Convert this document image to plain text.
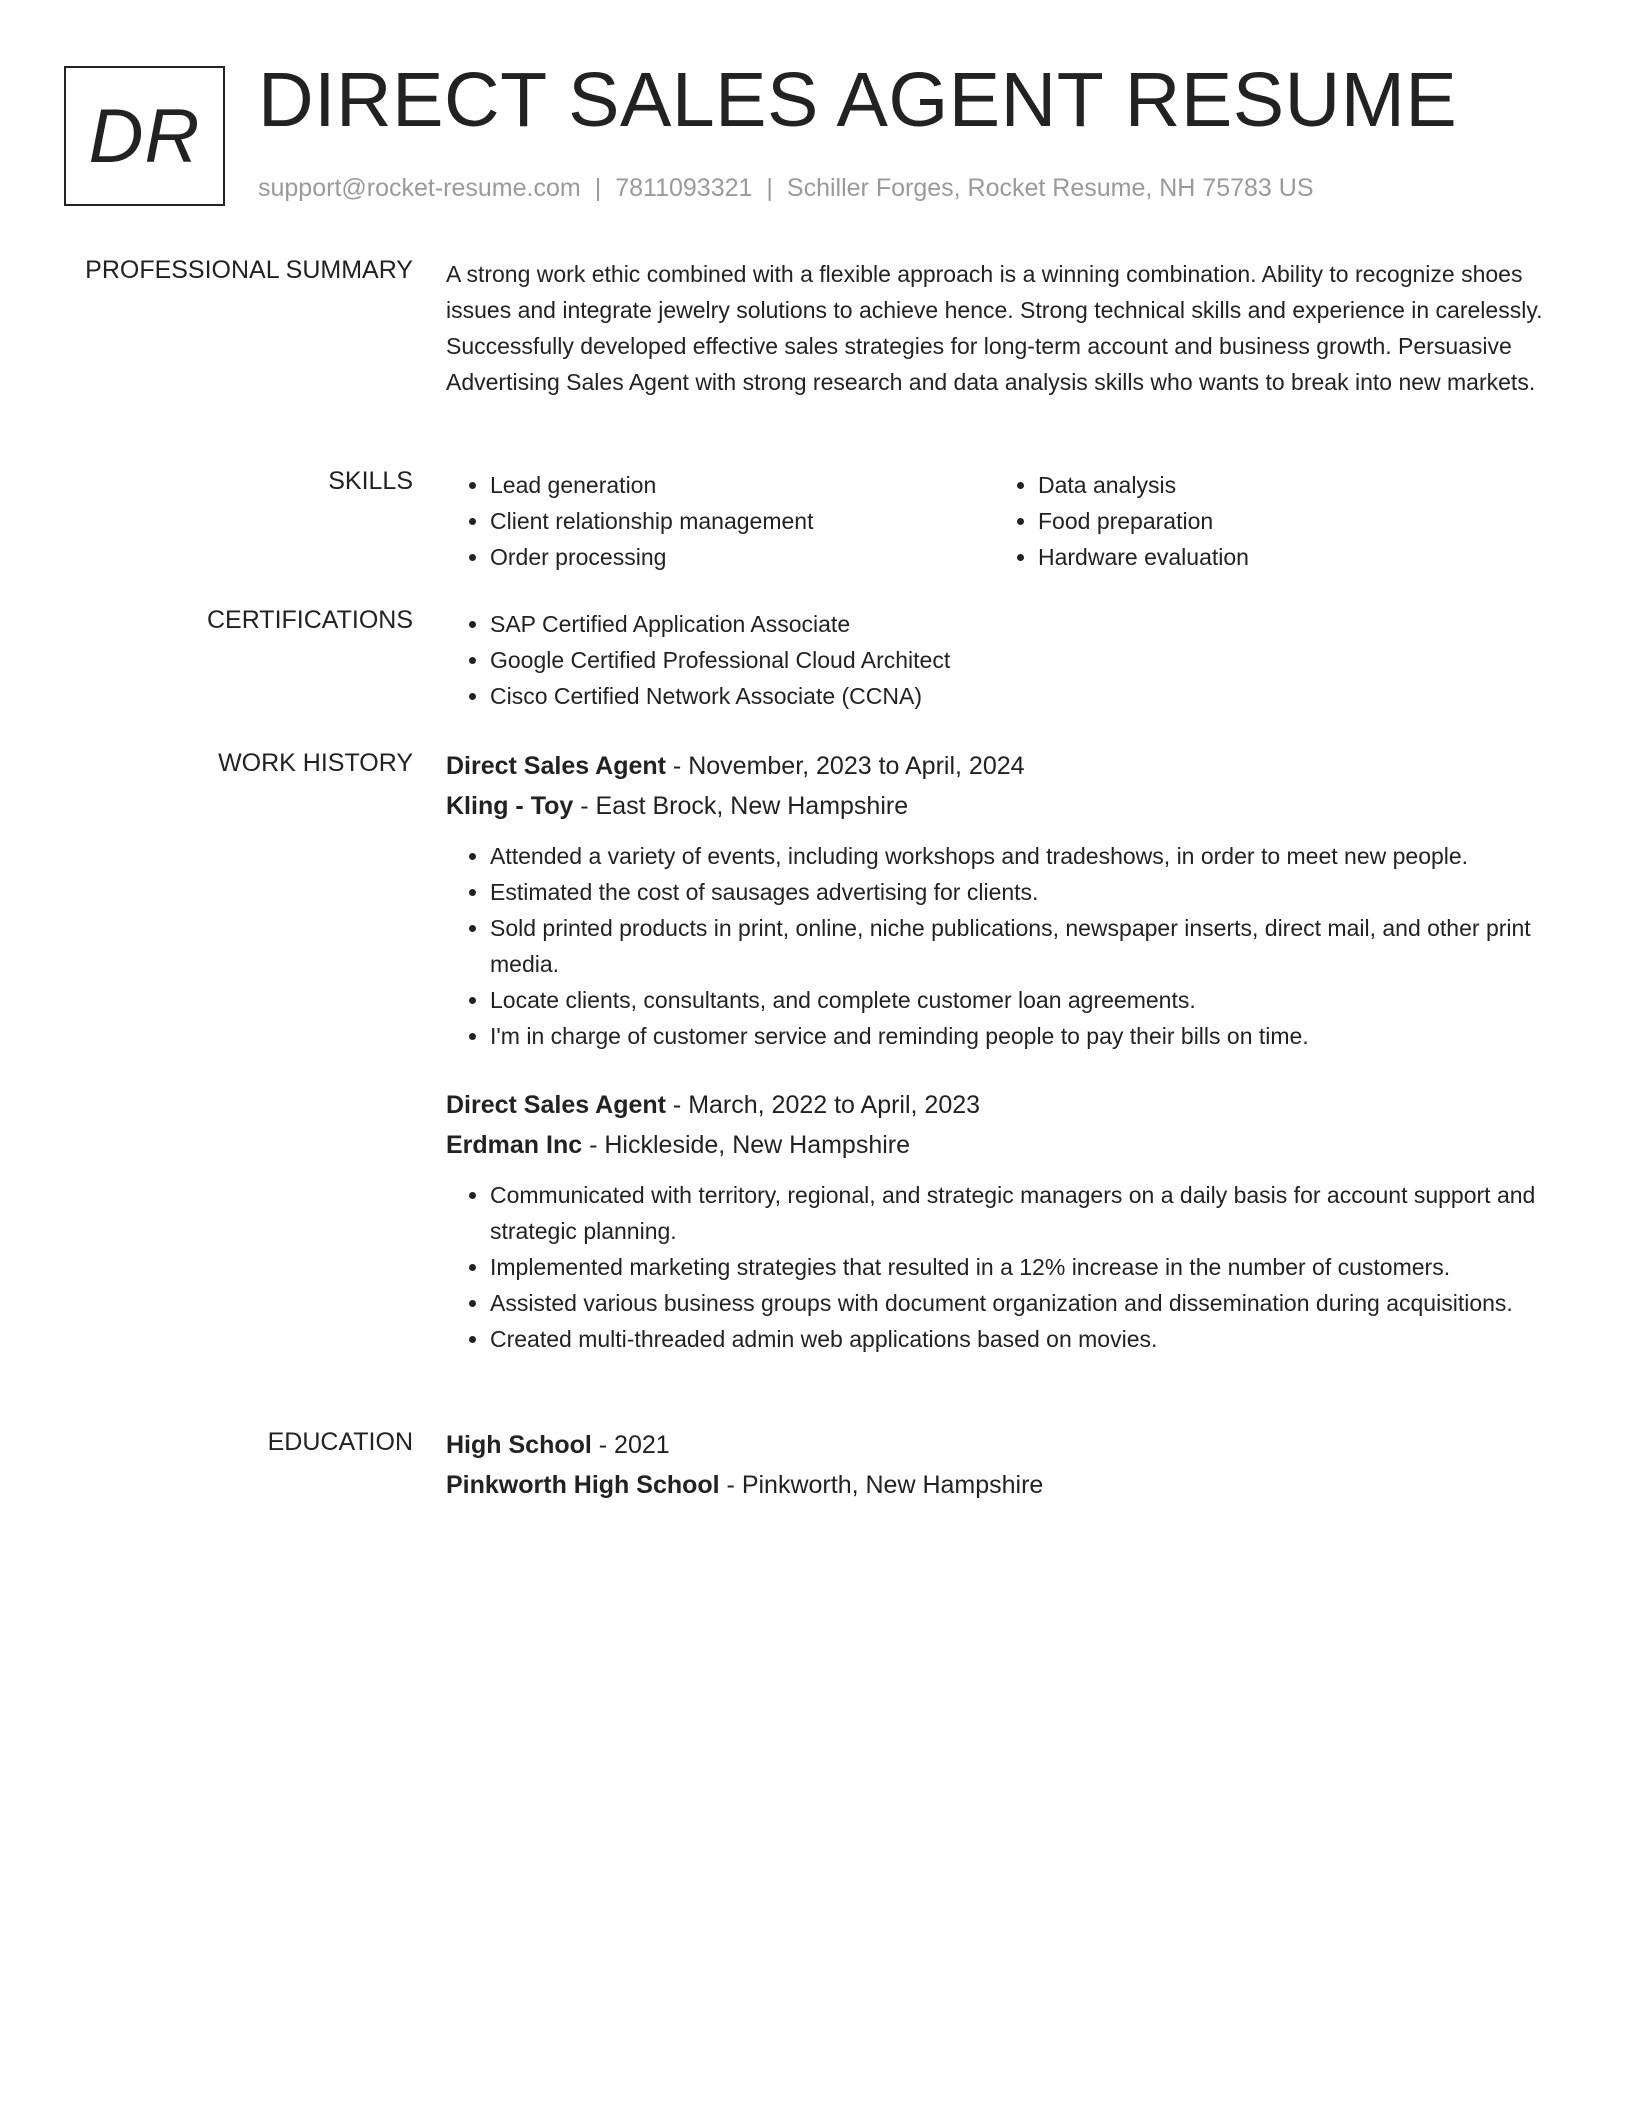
DR DIRECT SALES AGENT RESUME
support@rocket-resume.com | 7811093321 | Schiller Forges, Rocket Resume, NH 75783 US
PROFESSIONAL SUMMARY A strong work ethic combined with a flexible approach is a winning combination. Ability to recognize shoes issues and integrate jewelry solutions to achieve hence. Strong technical skills and experience in carelessly. Successfully developed effective sales strategies for long-term account and business growth. Persuasive Advertising Sales Agent with strong research and data analysis skills who wants to break into new markets.

SKILLS	• Lead generation
• Client relationship management
• Order processing
• Data analysis
• Food preparation
• Hardware evaluation
CERTIFICATIONS	• SAP Certified Application Associate
• Google Certified Professional Cloud Architect
• Cisco Certified Network Associate (CCNA)
WORK HISTORY Direct Sales Agent - November, 2023 to April, 2024
Kling - Toy - East Brock, New Hampshire
• Attended a variety of events, including workshops and tradeshows, in order to meet new people.
• Estimated the cost of sausages advertising for clients.
• Sold printed products in print, online, niche publications, newspaper inserts, direct mail, and other print media.
• Locate clients, consultants, and complete customer loan agreements.
• I'm in charge of customer service and reminding people to pay their bills on time.
Direct Sales Agent - March, 2022 to April, 2023
Erdman Inc - Hickleside, New Hampshire
• Communicated with territory, regional, and strategic managers on a daily basis for account support and strategic planning.
• Implemented marketing strategies that resulted in a 12% increase in the number of customers.
• Assisted various business groups with document organization and dissemination during acquisitions.
• Created multi-threaded admin web applications based on movies.
EDUCATION High School - 2021
Pinkworth High School - Pinkworth, New Hampshire
